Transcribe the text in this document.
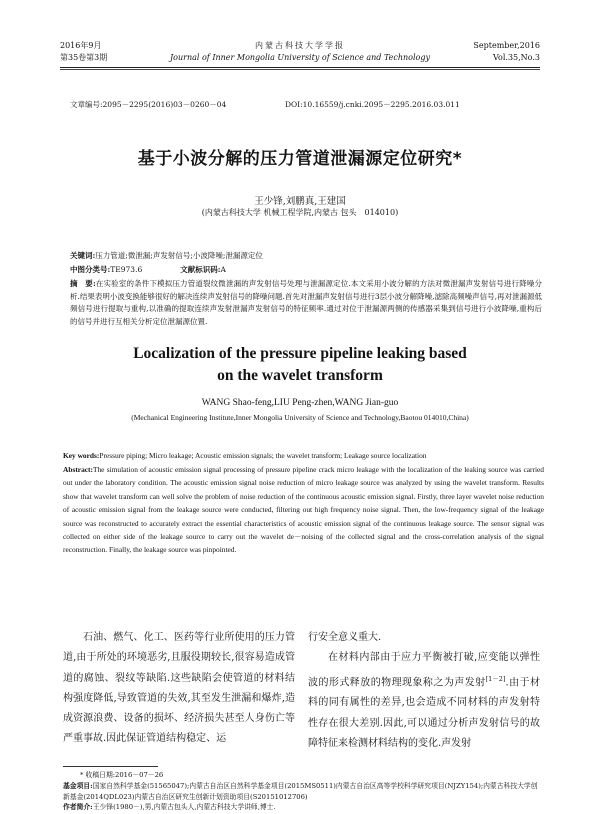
2016年9月
第35卷第3期
内蒙古科技大学学报
Journal of Inner Mongolia University of Science and Technology
September,2016
Vol.35,No.3
文章编号:2095－2295(2016)03－0260－04	DOI:10.16559/j.cnki.2095－2295.2016.03.011
基于小波分解的压力管道泄漏源定位研究*
王少锋,刘鹏真,王建国
(内蒙古科技大学 机械工程学院,内蒙古 包头　014010)
关键词:压力管道;微泄漏;声发射信号;小波降噪;泄漏源定位
中图分类号:TE973.6	文献标识码:A
摘　要:在实验室的条件下模拟压力管道裂纹微泄漏的声发射信号处理与泄漏源定位.本文采用小波分解的方法对微泄漏声发射信号进行降噪分析.结果表明小波变换能够很好的解决连续声发射信号的降噪问题.首先对泄漏声发射信号进行3层小波分解降噪,滤除高频噪声信号,再对泄漏源低频信号进行提取与重构,以准确的提取连续声发射泄漏声发射信号的特征频率.通过对位于泄漏源两侧的传感器采集到信号进行小波降噪,重构后的信号并进行互相关分析定位泄漏源位置.
Localization of the pressure pipeline leaking based
on the wavelet transform
WANG Shao-feng,LIU Peng-zhen,WANG Jian-guo
(Mechanical Engineering Institute,Inner Mongolia University of Science and Technology,Baotou 014010,China)
Key words:Pressure piping; Micro leakage; Acoustic emission signals; the wavelet transform; Leakage source localization
Abstract:The simulation of acoustic emission signal processing of pressure pipeline crack micro leakage with the localization of the leaking source was carried out under the laboratory condition. The acoustic emission signal noise reduction of micro leakage source was analyzed by using the wavelet transform. Results show that wavelet transform can well solve the problem of noise reduction of the continuous acoustic emission signal. Firstly, three layer wavelet noise reduction of acoustic emission signal from the leakage source were conducted, filtering out high frequency noise signal. Then, the low-frequency signal of the leakage source was reconstructed to accurately extract the essential characteristics of acoustic emission signal of the continuous leakage source. The sensor signal was collected on either side of the leakage source to carry out the wavelet de－noising of the collected signal and the cross-correlation analysis of the signal reconstruction. Finally, the leakage source was pinpointed.
石油、燃气、化工、医药等行业所使用的压力管道,由于所处的环境恶劣,且服役期较长,很容易造成管道的腐蚀、裂纹等缺陷.这些缺陷会使管道的材料结构强度降低,导致管道的失效,其至发生泄漏和爆炸,造成资源浪费、设备的损坏、经济损失甚至人身伤亡等严重事故.因此保证管道结构稳定、运

行安全意义重大.

在材料内部由于应力平衡被打破,应变能以弹性波的形式释放的物理现象称之为声发射[1－2].由于材料的同有属性的差异,也会造成不同材料的声发射特性存在很大差别.因此,可以通过分析声发射信号的故障特征来检测材料结构的变化.声发射

* 收稿日期:2016－07－26
基金项目:国家自然科学基金(51565047);内蒙古自治区自然科学基金项目(2015MS0511)内蒙古自治区高等学校科学研究项目(NJZY154);内蒙古科技大学创新基金(2014QDL023)内蒙古自治区研究生创新计划资助项目(S20151012706)
作者简介:王少锋(1980－),男,内蒙古包头人,内蒙古科技大学讲师,博士.
